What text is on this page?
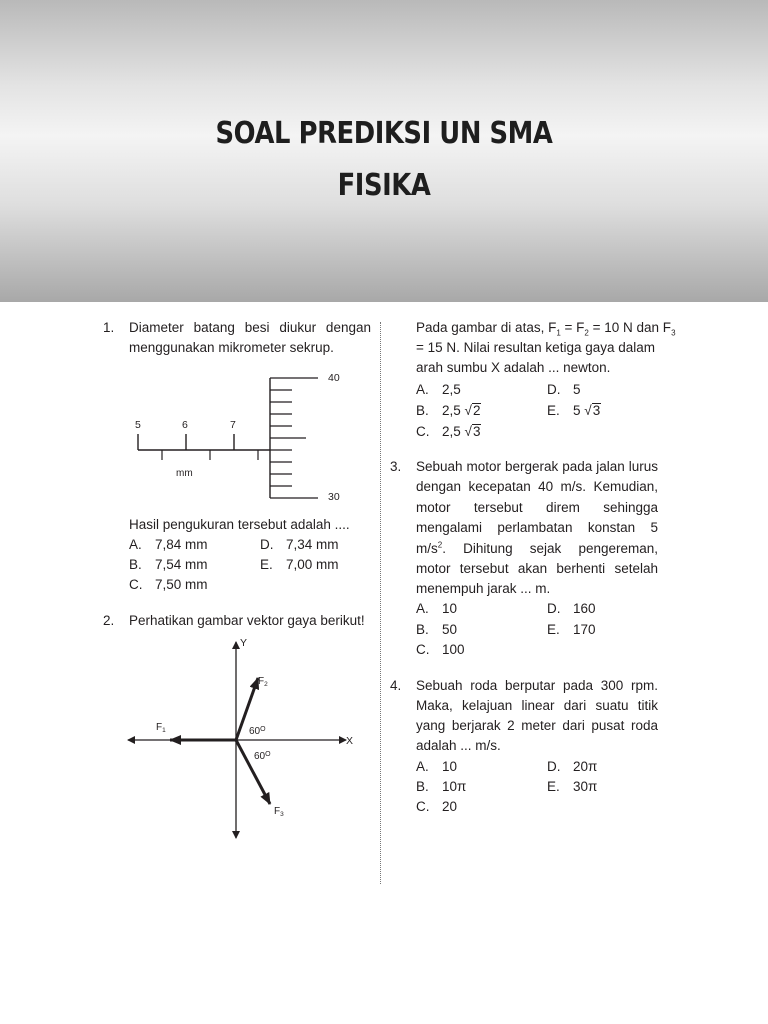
SOAL PREDIKSI UN SMA
FISIKA
1. Diameter batang besi diukur dengan
menggunakan mikrometer sekrup.
5	6	7
mm
40
30
Hasil pengukuran tersebut adalah ....
A. 7,84 mm
B. 7,54 mm
C. 7,50 mm
D. 7,34 mm
E. 7,00 mm
2. Perhatikan gambar vektor gaya berikut!
Y
X
$F_1$
$F_2$
$F_3$
$60^O$
$60^O$
Pada gambar di atas, $F_1 = F_2 = 10$ N dan $F_3$
= 15 N. Nilai resultan ketiga gaya dalam
arah sumbu X adalah ... newton.
A. 2,5
B. 2,5 √2
C. 2,5 √3
D. 5
E. 5 √3
3. Sebuah motor bergerak pada jalan lurus
dengan kecepatan 40 m/s. Kemudian,
motor tersebut direm sehingga
mengalami perlambatan konstan 5
$m/s^2$. Dihitung sejak pengereman,
motor tersebut akan berhenti setelah
menempuh jarak ... m.
A. 10
B. 50
C. 100
D. 160
E. 170
4. Sebuah roda berputar pada 300 rpm.
Maka, kelajuan linear dari suatu titik
yang berjarak 2 meter dari pusat roda
adalah ... m/s.
A. 10
B. 10π
C. 20
D. 20π
E. 30π
